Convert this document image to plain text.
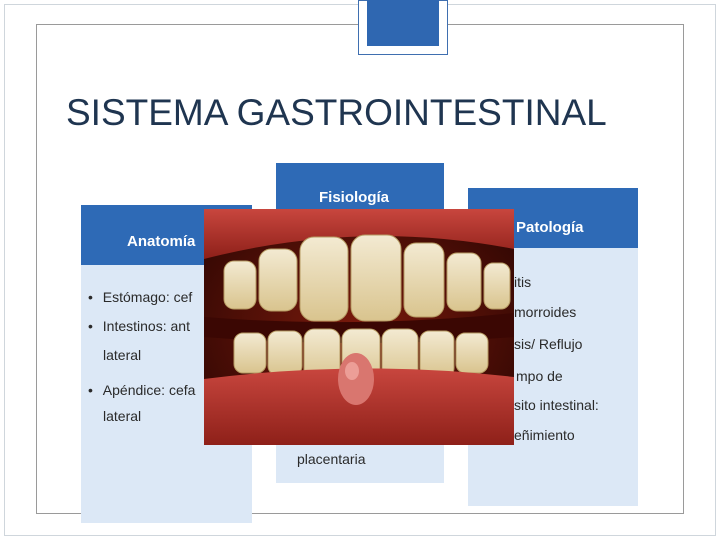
SISTEMA GASTROINTESTINAL
Fisiología
placentaria
Anatomía
• Estómago: cef
• Intestinos: ant
lateral
• Apéndice: cefa
lateral
Patología
itis
morroides
sis/ Reflujo
mpo de
sito intestinal:
eñimiento
